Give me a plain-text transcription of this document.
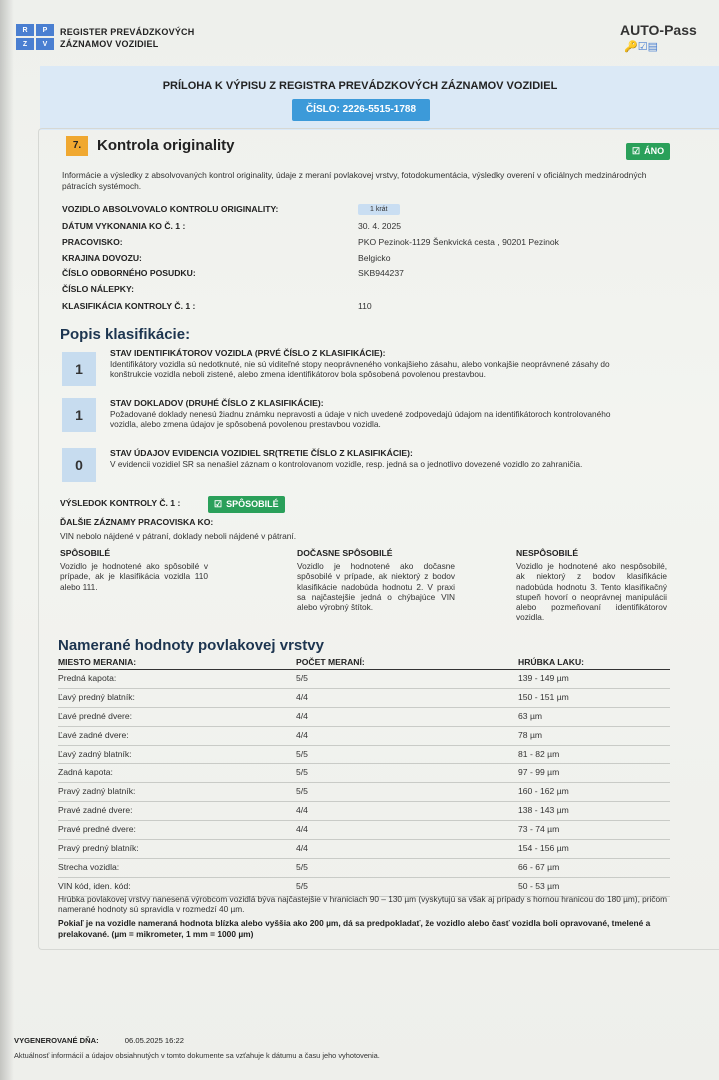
R	P
Z	V
REGISTER PREVÁDZKOVÝCH
ZÁZNAMOV VOZIDIEL
AUTO-Pass
🔑☑▤
PRÍLOHA K VÝPISU Z REGISTRA PREVÁDZKOVÝCH ZÁZNAMOV VOZIDIEL
ČÍSLO: 2226-5515-1788
7.	Kontrola originality	☑ ÁNO
Informácie a výsledky z absolvovaných kontrol originality, údaje z meraní povlakovej vrstvy, fotodokumentácia, výsledky overení v oficiálnych medzinárodných pátracích systémoch.
VOZIDLO ABSOLVOVALO KONTROLU ORIGINALITY:	1 krát
DÁTUM VYKONANIA KO Č. 1 :	30. 4. 2025
PRACOVISKO:	PKO Pezinok-1129 Šenkvická cesta , 90201 Pezinok
KRAJINA DOVOZU:	Belgicko
ČÍSLO ODBORNÉHO POSUDKU:	SKB944237
ČÍSLO NÁLEPKY:
KLASIFIKÁCIA KONTROLY Č. 1 :	110
Popis klasifikácie:
1
STAV IDENTIFIKÁTOROV VOZIDLA (PRVÉ ČÍSLO Z KLASIFIKÁCIE):
Identifikátory vozidla sú nedotknuté, nie sú viditeľné stopy neoprávneného vonkajšieho zásahu, alebo vonkajšie neoprávnené zásahy do konštrukcie vozidla neboli zistené, alebo zmena identifikátorov bola spôsobená povolenou prestavbou.
1
STAV DOKLADOV (DRUHÉ ČÍSLO Z KLASIFIKÁCIE):
Požadované doklady nenesú žiadnu známku nepravosti a údaje v nich uvedené zodpovedajú údajom na identifikátoroch kontrolovaného vozidla, alebo zmena údajov je spôsobená povolenou prestavbou vozidla.
0
STAV ÚDAJOV EVIDENCIA VOZIDIEL SR(TRETIE ČÍSLO Z KLASIFIKÁCIE):
V evidencii vozidiel SR sa nenašiel záznam o kontrolovanom vozidle, resp. jedná sa o jednotlivo dovezené vozidlo zo zahraničia.
VÝSLEDOK KONTROLY Č. 1 :	☑ SPÔSOBILÉ
ĎALŠIE ZÁZNAMY PRACOVISKA KO:
VIN nebolo nájdené v pátraní, doklady neboli nájdené v pátraní.
SPÔSOBILÉ
Vozidlo je hodnotené ako spôsobilé v prípade, ak je klasifikácia vozidla 110 alebo 111.
DOČASNE SPÔSOBILÉ
Vozidlo je hodnotené ako dočasne spôsobilé v prípade, ak niektorý z bodov klasifikácie nadobúda hodnotu 2. V praxi sa najčastejšie jedná o chýbajúce VIN alebo výrobný štítok.
NESPÔSOBILÉ
Vozidlo je hodnotené ako nespôsobilé, ak niektorý z bodov klasifikácie nadobúda hodnotu 3. Tento klasifikačný stupeň hovorí o neoprávnej manipulácii alebo pozmeňovaní identifikátorov vozidla.
Namerané hodnoty povlakovej vrstvy
MIESTO MERANIA:	POČET MERANÍ:	HRÚBKA LAKU:
Predná kapota:	5/5	139 - 149 µm
Ľavý predný blatník:	4/4	150 - 151 µm
Ľavé predné dvere:	4/4	63 µm
Ľavé zadné dvere:	4/4	78 µm
Ľavý zadný blatník:	5/5	81 - 82 µm
Zadná kapota:	5/5	97 - 99 µm
Pravý zadný blatník:	5/5	160 - 162 µm
Pravé zadné dvere:	4/4	138 - 143 µm
Pravé predné dvere:	4/4	73 - 74 µm
Pravý predný blatník:	4/4	154 - 156 µm
Strecha vozidla:	5/5	66 - 67 µm
VIN kód, iden. kód:	5/5	50 - 53 µm
Hrúbka povlakovej vrstvy nanesená výrobcom vozidlá býva najčastejšie v hraniciach 90 – 130 µm (vyskytujú sa však aj prípady s hornou hranicou do 180 µm), pričom namerané hodnoty sú spravidla v rozmedzí 40 µm.
Pokiaľ je na vozidle nameraná hodnota blízka alebo vyššia ako 200 µm, dá sa predpokladať, že vozidlo alebo časť vozidla boli opravované, tmelené a prelakované. (µm = mikrometer, 1 mm = 1000 µm)
VYGENEROVANÉ DŇA:	06.05.2025 16:22
Aktuálnosť informácií a údajov obsiahnutých v tomto dokumente sa vzťahuje k dátumu a času jeho vyhotovenia.
